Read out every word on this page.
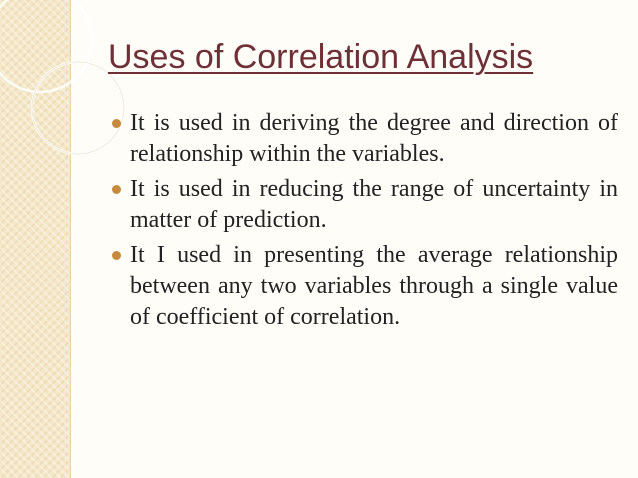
Uses of Correlation Analysis
It is used in deriving the degree and direction of relationship within the variables.
It is used in reducing the range of uncertainty in matter of prediction.
It I used in presenting the average relationship between any two variables through a single value of coefficient of correlation.
